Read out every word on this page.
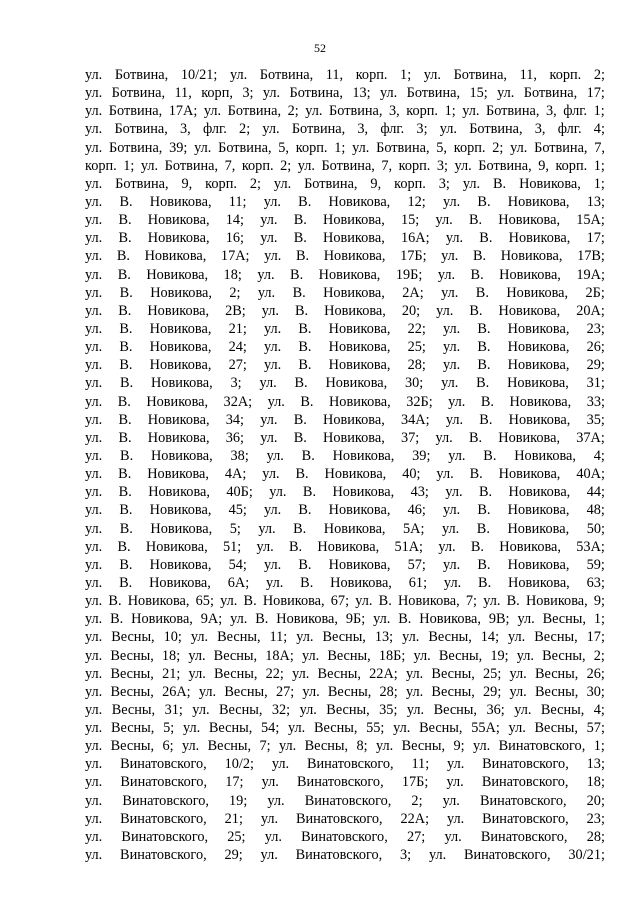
52
ул. Ботвина, 10/21; ул. Ботвина, 11, корп. 1; ул. Ботвина, 11, корп. 2;
ул. Ботвина, 11, корп, 3; ул. Ботвина, 13; ул. Ботвина, 15; ул. Ботвина, 17;
ул. Ботвина, 17А; ул. Ботвина, 2; ул. Ботвина, 3, корп. 1; ул. Ботвина, 3, флг. 1;
ул. Ботвина, 3, флг. 2; ул. Ботвина, 3, флг. 3; ул. Ботвина, 3, флг. 4;
ул. Ботвина, 39; ул. Ботвина, 5, корп. 1; ул. Ботвина, 5, корп. 2; ул. Ботвина, 7,
корп. 1; ул. Ботвина, 7, корп. 2; ул. Ботвина, 7, корп. 3; ул. Ботвина, 9, корп. 1;
ул. Ботвина, 9, корп. 2; ул. Ботвина, 9, корп. 3; ул. В. Новикова, 1;
ул. В. Новикова, 11; ул. В. Новикова, 12; ул. В. Новикова, 13;
ул. В. Новикова, 14; ул. В. Новикова, 15; ул. В. Новикова, 15А;
ул. В. Новикова, 16; ул. В. Новикова, 16А; ул. В. Новикова, 17;
ул. В. Новикова, 17А; ул. В. Новикова, 17Б; ул. В. Новикова, 17В;
ул. В. Новикова, 18; ул. В. Новикова, 19Б; ул. В. Новикова, 19А;
ул. В. Новикова, 2; ул. В. Новикова, 2А; ул. В. Новикова, 2Б;
ул. В. Новикова, 2В; ул. В. Новикова, 20; ул. В. Новикова, 20А;
ул. В. Новикова, 21; ул. В. Новикова, 22; ул. В. Новикова, 23;
ул. В. Новикова, 24; ул. В. Новикова, 25; ул. В. Новикова, 26;
ул. В. Новикова, 27; ул. В. Новикова, 28; ул. В. Новикова, 29;
ул. В. Новикова, 3; ул. В. Новикова, 30; ул. В. Новикова, 31;
ул. В. Новикова, 32А; ул. В. Новикова, 32Б; ул. В. Новикова, 33;
ул. В. Новикова, 34; ул. В. Новикова, 34А; ул. В. Новикова, 35;
ул. В. Новикова, 36; ул. В. Новикова, 37; ул. В. Новикова, 37А;
ул. В. Новикова, 38; ул. В. Новикова, 39; ул. В. Новикова, 4;
ул. В. Новикова, 4А; ул. В. Новикова, 40; ул. В. Новикова, 40А;
ул. В. Новикова, 40Б; ул. В. Новикова, 43; ул. В. Новикова, 44;
ул. В. Новикова, 45; ул. В. Новикова, 46; ул. В. Новикова, 48;
ул. В. Новикова, 5; ул. В. Новикова, 5А; ул. В. Новикова, 50;
ул. В. Новикова, 51; ул. В. Новикова, 51А; ул. В. Новикова, 53А;
ул. В. Новикова, 54; ул. В. Новикова, 57; ул. В. Новикова, 59;
ул. В. Новикова, 6А; ул. В. Новикова, 61; ул. В. Новикова, 63;
ул. В. Новикова, 65; ул. В. Новикова, 67; ул. В. Новикова, 7; ул. В. Новикова, 9;
ул. В. Новикова, 9А; ул. В. Новикова, 9Б; ул. В. Новикова, 9В; ул. Весны, 1;
ул. Весны, 10; ул. Весны, 11; ул. Весны, 13; ул. Весны, 14; ул. Весны, 17;
ул. Весны, 18; ул. Весны, 18А; ул. Весны, 18Б; ул. Весны, 19; ул. Весны, 2;
ул. Весны, 21; ул. Весны, 22; ул. Весны, 22А; ул. Весны, 25; ул. Весны, 26;
ул. Весны, 26А; ул. Весны, 27; ул. Весны, 28; ул. Весны, 29; ул. Весны, 30;
ул. Весны, 31; ул. Весны, 32; ул. Весны, 35; ул. Весны, 36; ул. Весны, 4;
ул. Весны, 5; ул. Весны, 54; ул. Весны, 55; ул. Весны, 55А; ул. Весны, 57;
ул. Весны, 6; ул. Весны, 7; ул. Весны, 8; ул. Весны, 9; ул. Винатовского, 1;
ул. Винатовского, 10/2; ул. Винатовского, 11; ул. Винатовского, 13;
ул. Винатовского, 17; ул. Винатовского, 17Б; ул. Винатовского, 18;
ул. Винатовского, 19; ул. Винатовского, 2; ул. Винатовского, 20;
ул. Винатовского, 21; ул. Винатовского, 22А; ул. Винатовского, 23;
ул. Винатовского, 25; ул. Винатовского, 27; ул. Винатовского, 28;
ул. Винатовского, 29; ул. Винатовского, 3; ул. Винатовского, 30/21;
